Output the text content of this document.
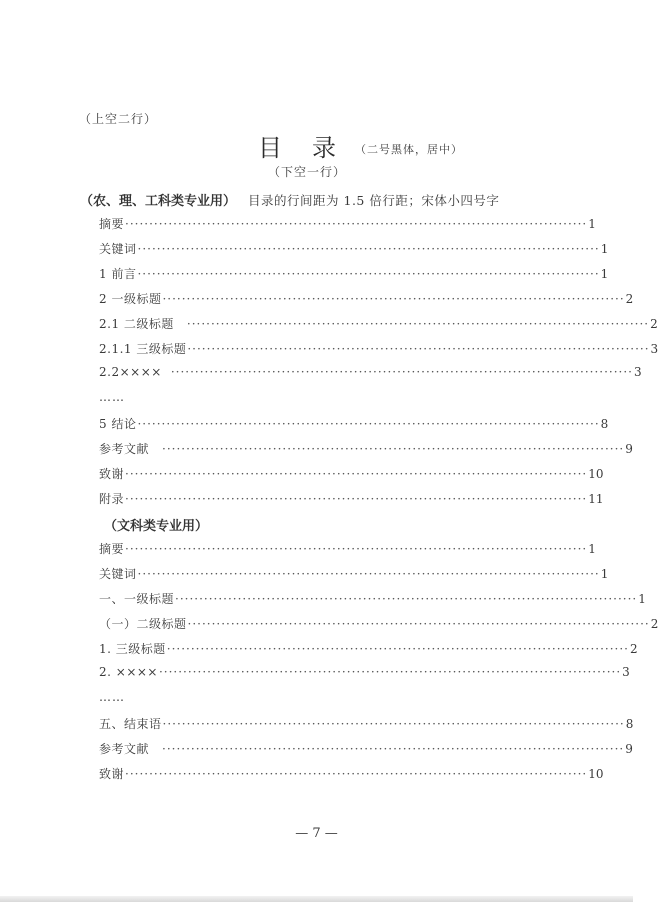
（上空二行）
目录
（二号黑体，居中）
（下空一行）
（农、理、工科类专业用） 目录的行间距为 1.5 倍行距；宋体小四号字
摘要 ································································································ 1
关键词 ································································································ 1
1 前言 ································································································ 1
2 一级标题 ································································································ 2
2.1 二级标题 ································································································ 2
2.1.1 三级标题 ································································································ 3
2.2×××× ································································································ 3
……
5 结论 ································································································ 8
参考文献 ································································································ 9
致谢 ································································································ 10
附录 ································································································ 11
（文科类专业用）
摘要 ································································································ 1
关键词 ································································································ 1
一、一级标题 ································································································ 1
（一）二级标题 ································································································ 2
1. 三级标题 ································································································ 2
2. ×××× ································································································ 3
……
五、结束语 ································································································ 8
参考文献 ································································································ 9
致谢 ································································································ 10
— 7 —
